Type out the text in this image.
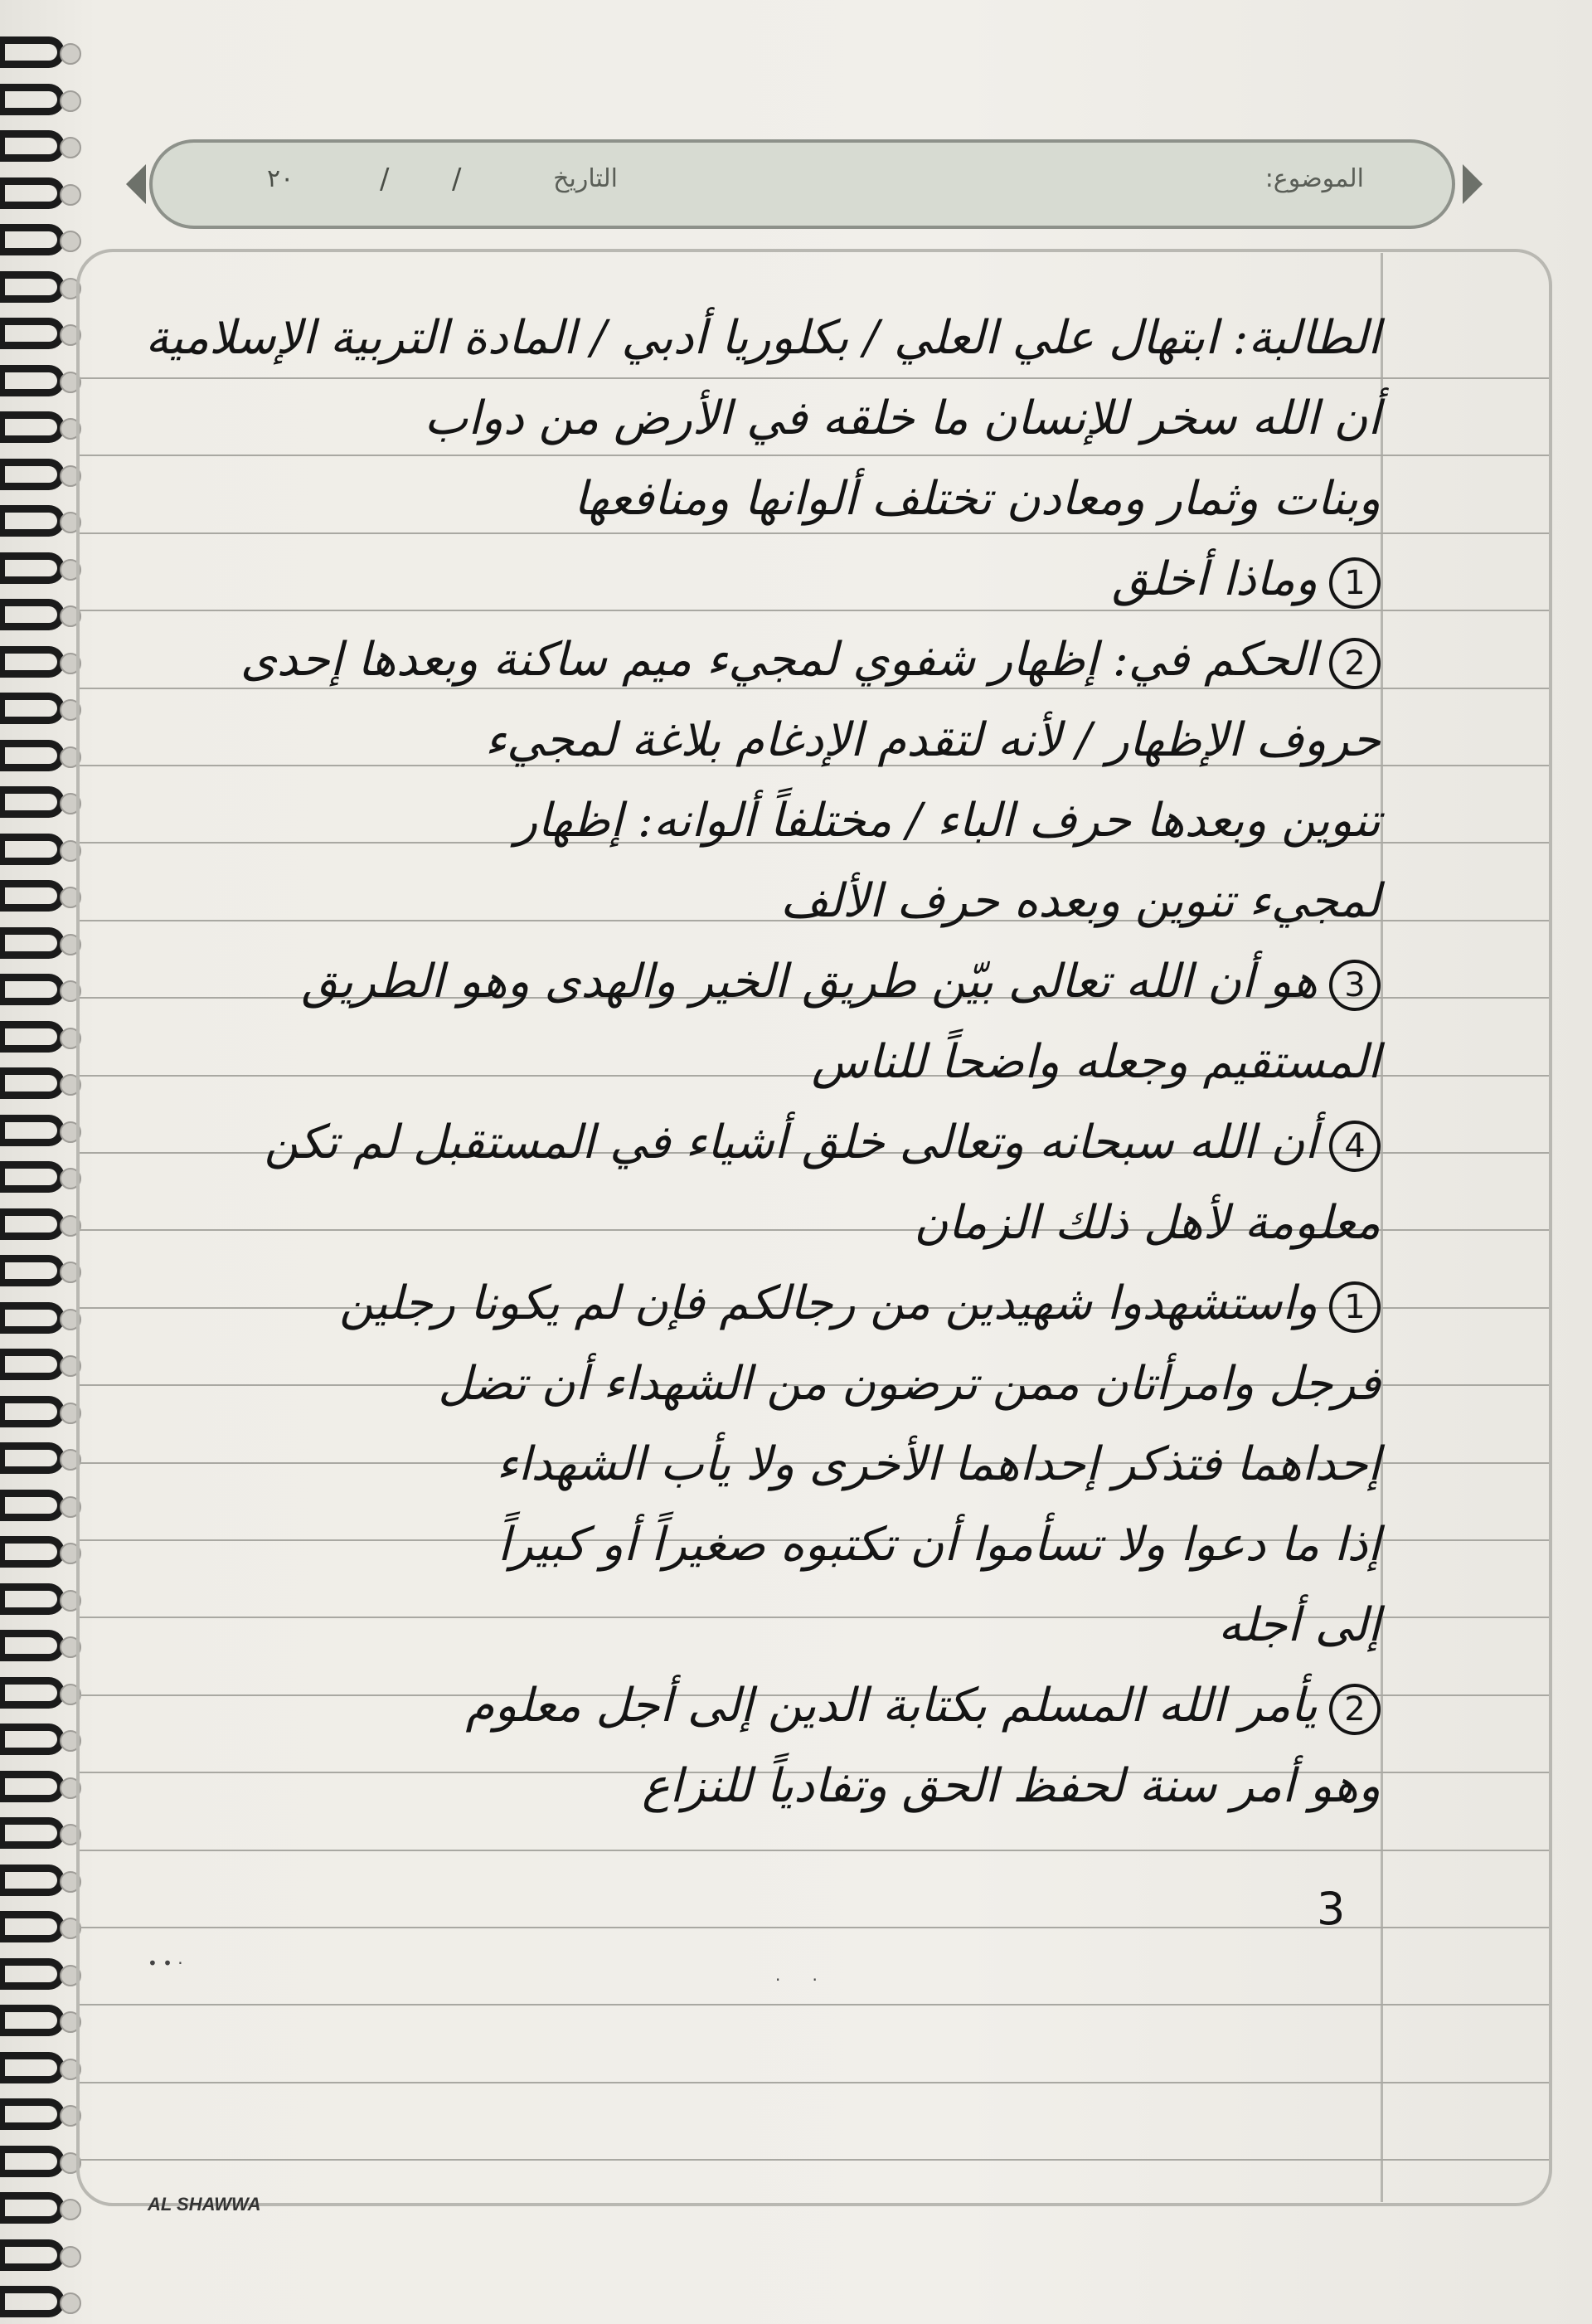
الموضوع:
التاريخ
/
/
٢٠
الطالبة: ابتهال علي العلي / بكلوريا أدبي / المادة التربية الإسلامية
أن الله سخر للإنسان ما خلقه في الأرض من دواب
وبنات وثمار ومعادن تختلف ألوانها ومنافعها
1وماذا أخلق
2الحكم في: إظهار شفوي لمجيء ميم ساكنة وبعدها إحدى
حروف الإظهار / لأنه لتقدم الإدغام بلاغة لمجيء
تنوين وبعدها حرف الباء / مختلفاً ألوانه: إظهار
لمجيء تنوين وبعده حرف الألف
3هو أن الله تعالى بيّن طريق الخير والهدى وهو الطريق
المستقيم وجعله واضحاً للناس
4أن الله سبحانه وتعالى خلق أشياء في المستقبل لم تكن
معلومة لأهل ذلك الزمان
1واستشهدوا شهيدين من رجالكم فإن لم يكونا رجلين
فرجل وامرأتان ممن ترضون من الشهداء أن تضل
إحداهما فتذكر إحداهما الأخرى ولا يأب الشهداء
إذا ما دعوا ولا تسأموا أن تكتبوه صغيراً أو كبيراً
إلى أجله
2يأمر الله المسلم بكتابة الدين إلى أجل معلوم
وهو أمر سنة لحفظ الحق وتفادياً للنزاع
3
• • ·
·      ·
AL SHAWWA
